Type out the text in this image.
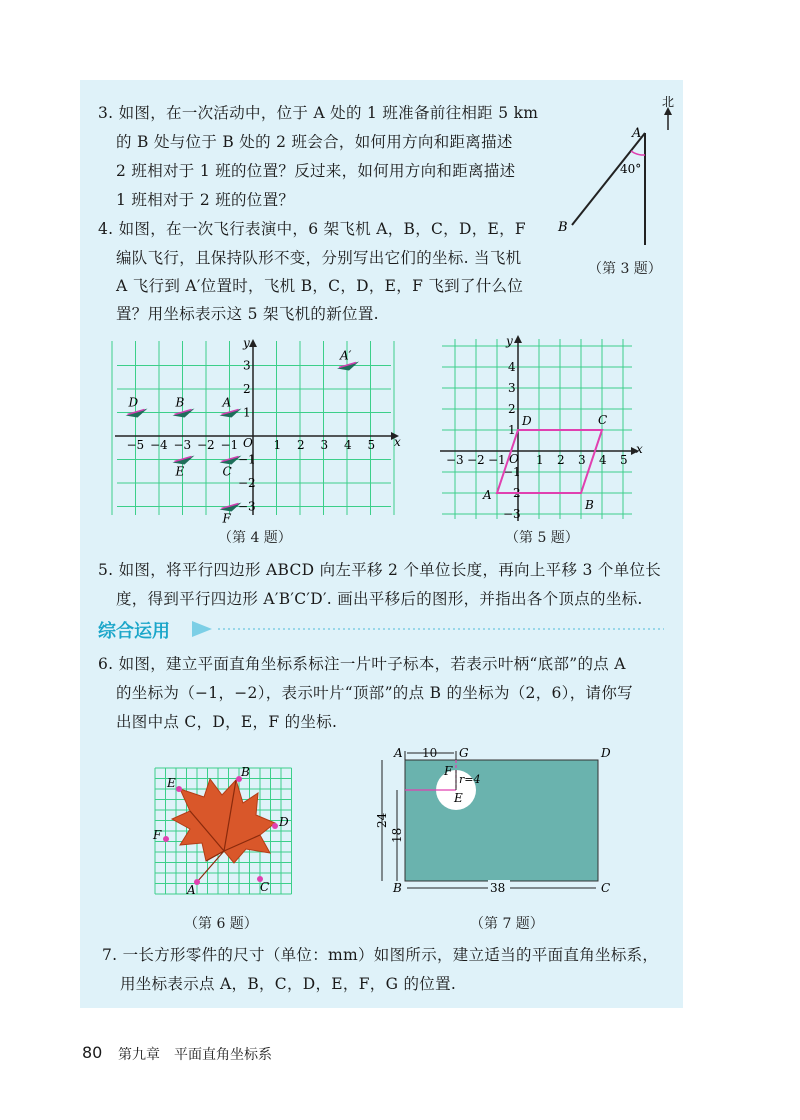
3. 如图，在一次活动中，位于 A 处的 1 班准备前往相距 5 km
的 B 处与位于 B 处的 2 班会合，如何用方向和距离描述
2 班相对于 1 班的位置？反过来，如何用方向和距离描述
1 班相对于 2 班的位置？
北
A
B
40°
（第 3 题）
4. 如图，在一次飞行表演中，6 架飞机 A，B，C，D，E，F
编队飞行，且保持队形不变，分别写出它们的坐标. 当飞机
A 飞行到 A′位置时，飞机 B，C，D，E，F 飞到了什么位
置？用坐标表示这 5 架飞机的新位置.
x
y
O
−5 −4 −3 −2 −1	1 2 3 4 5
3
2
1
−1
−2
−3
D	B	A
E	C
F
A′
（第 4 题）
x
y
O
−3 −2 −1	1 2 3 4 5
4
3
2
1
−1
−2
−3
A
B
C
D
（第 5 题）
5. 如图，将平行四边形 ABCD 向左平移 2 个单位长度，再向上平移 3 个单位长
度，得到平行四边形 A′B′C′D′. 画出平移后的图形，并指出各个顶点的坐标.
综合运用
6. 如图，建立平面直角坐标系标注一片叶子标本，若表示叶柄“底部”的点 A
的坐标为（−1，−2），表示叶片“顶部”的点 B 的坐标为（2，6），请你写
出图中点 C，D，E，F 的坐标.
A
B
C
D
E
F
（第 6 题）
10
24
18
38
r=4
A	G	D
F
E
B	C
（第 7 题）
7. 一长方形零件的尺寸（单位：mm）如图所示，建立适当的平面直角坐标系，
用坐标表示点 A，B，C，D，E，F，G 的位置.
80 第九章　平面直角坐标系
